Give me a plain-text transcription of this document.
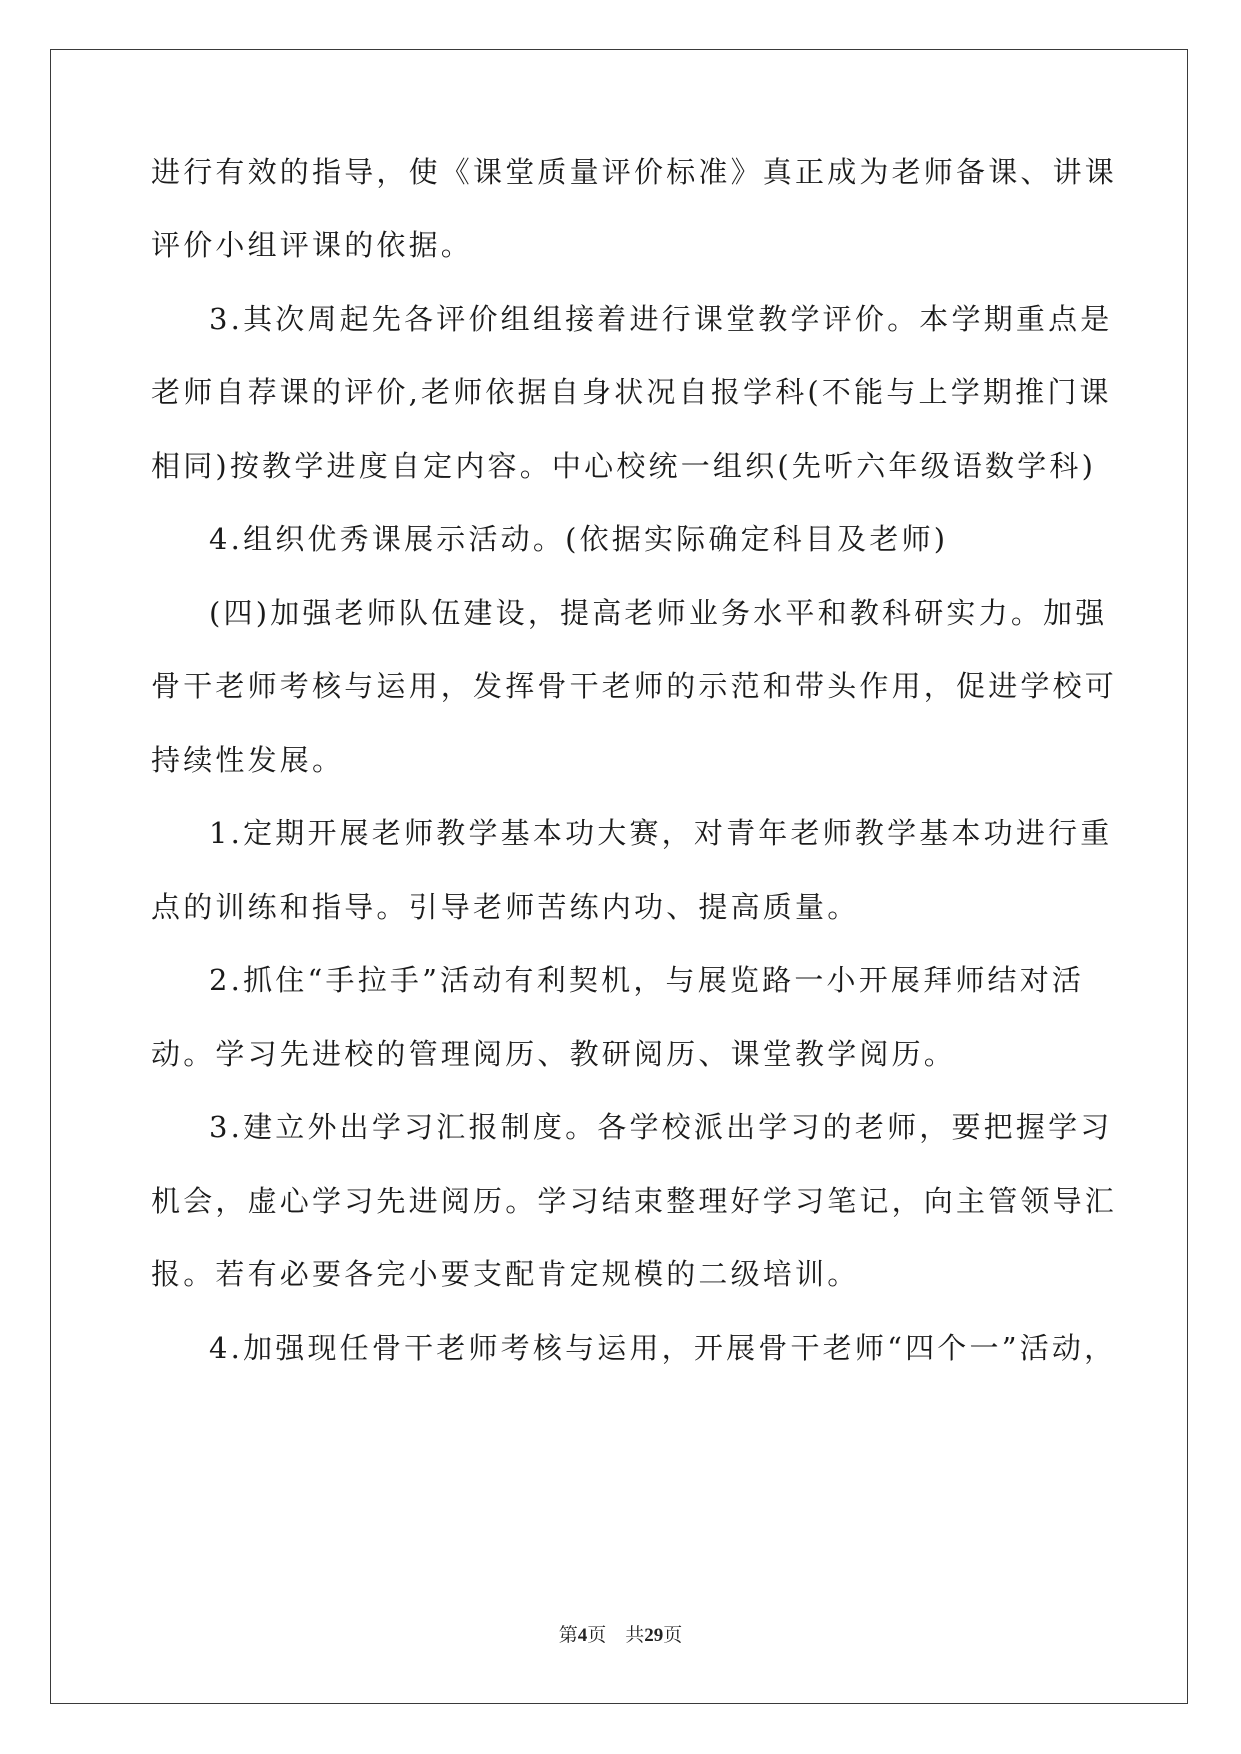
进行有效的指导，使《课堂质量评价标准》真正成为老师备课、讲课
评价小组评课的依据。
3.其次周起先各评价组组接着进行课堂教学评价。本学期重点是
老师自荐课的评价,老师依据自身状况自报学科(不能与上学期推门课
相同)按教学进度自定内容。中心校统一组织(先听六年级语数学科)
4.组织优秀课展示活动。(依据实际确定科目及老师)
(四)加强老师队伍建设，提高老师业务水平和教科研实力。加强
骨干老师考核与运用，发挥骨干老师的示范和带头作用，促进学校可
持续性发展。
1.定期开展老师教学基本功大赛，对青年老师教学基本功进行重
点的训练和指导。引导老师苦练内功、提高质量。
2.抓住“手拉手”活动有利契机，与展览路一小开展拜师结对活
动。学习先进校的管理阅历、教研阅历、课堂教学阅历。
3.建立外出学习汇报制度。各学校派出学习的老师，要把握学习
机会，虚心学习先进阅历。学习结束整理好学习笔记，向主管领导汇
报。若有必要各完小要支配肯定规模的二级培训。
4.加强现任骨干老师考核与运用，开展骨干老师“四个一”活动，
第4页 共29页
